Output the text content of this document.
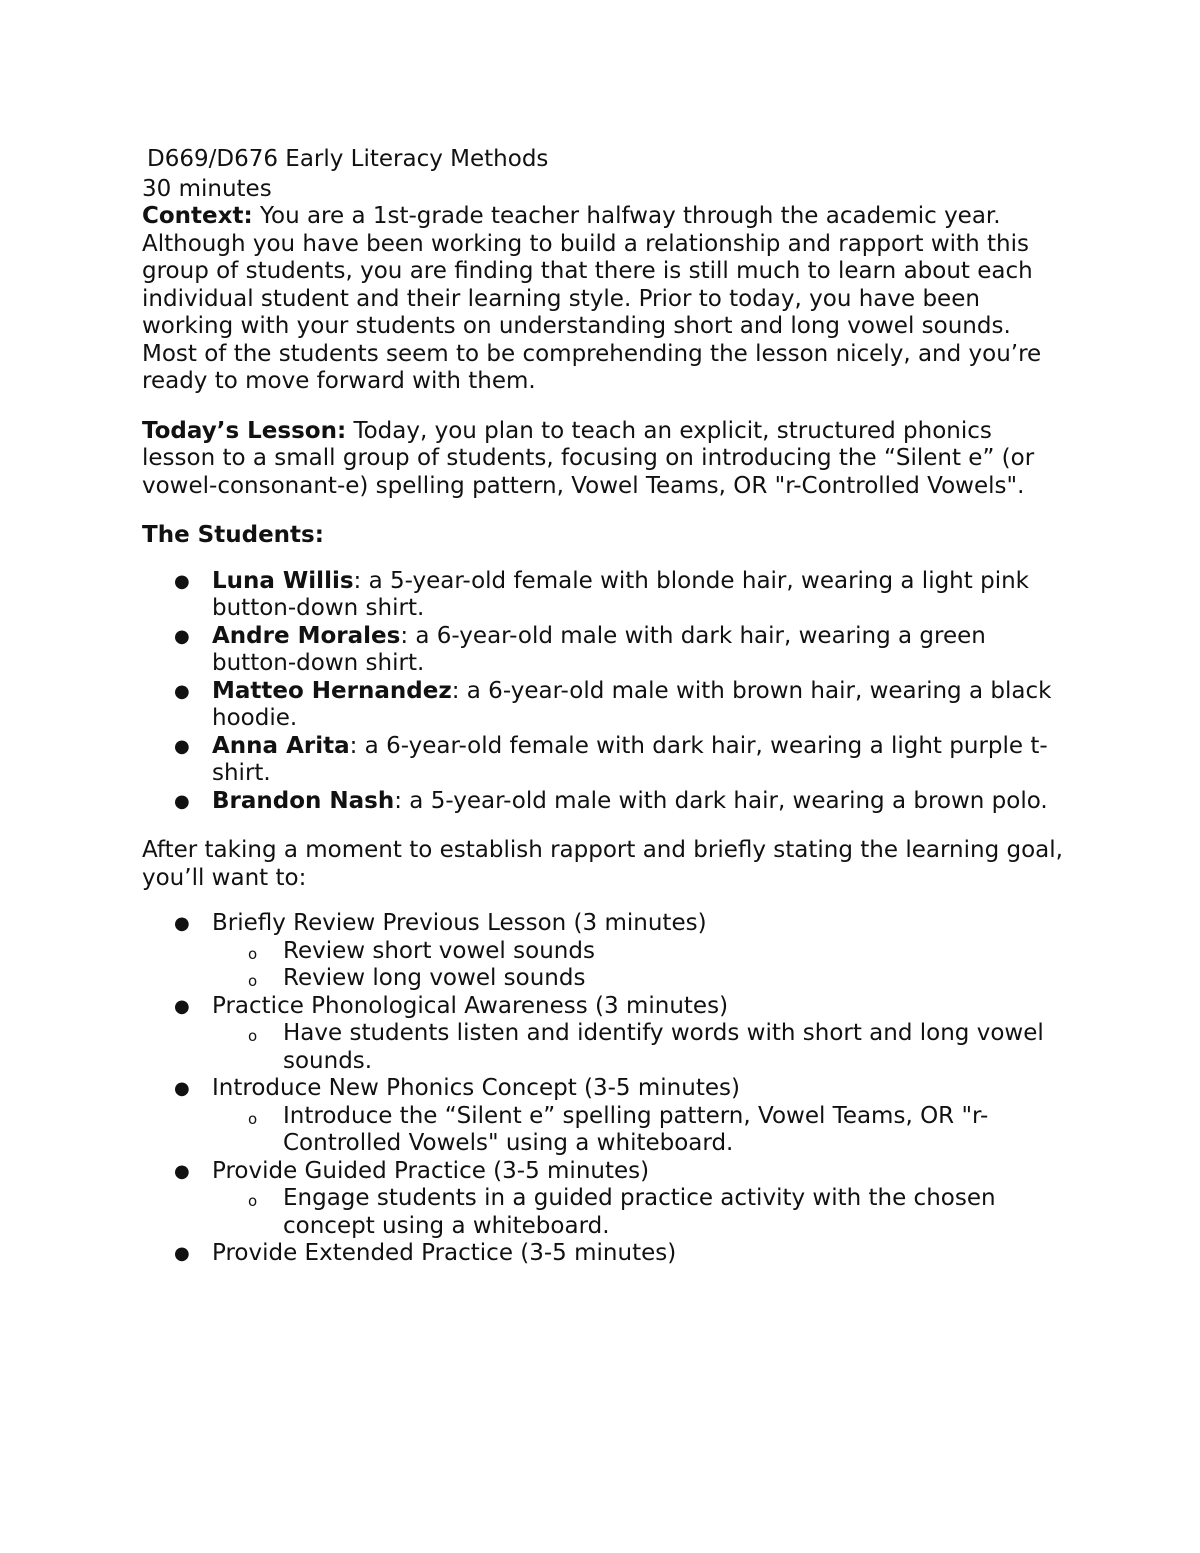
D669/D676 Early Literacy Methods

30 minutes

Context: You are a 1st-grade teacher halfway through the academic year. Although you have been working to build a relationship and rapport with this group of students, you are finding that there is still much to learn about each individual student and their learning style. Prior to today, you have been working with your students on understanding short and long vowel sounds. Most of the students seem to be comprehending the lesson nicely, and you’re ready to move forward with them.

Today’s Lesson: Today, you plan to teach an explicit, structured phonics lesson to a small group of students, focusing on introducing the “Silent e” (or vowel-consonant-e) spelling pattern, Vowel Teams, OR "r-Controlled Vowels".

The Students:

● Luna Willis: a 5-year-old female with blonde hair, wearing a light pink button-down shirt.
● Andre Morales: a 6-year-old male with dark hair, wearing a green button-down shirt.
● Matteo Hernandez: a 6-year-old male with brown hair, wearing a black hoodie.
● Anna Arita: a 6-year-old female with dark hair, wearing a light purple t-shirt.
● Brandon Nash: a 5-year-old male with dark hair, wearing a brown polo.

After taking a moment to establish rapport and briefly stating the learning goal, you’ll want to:

● Briefly Review Previous Lesson (3 minutes)
o Review short vowel sounds
o Review long vowel sounds
● Practice Phonological Awareness (3 minutes)
o Have students listen and identify words with short and long vowel sounds.
● Introduce New Phonics Concept (3-5 minutes)
o Introduce the “Silent e” spelling pattern, Vowel Teams, OR "r-Controlled Vowels" using a whiteboard.
● Provide Guided Practice (3-5 minutes)
o Engage students in a guided practice activity with the chosen concept using a whiteboard.
● Provide Extended Practice (3-5 minutes)
